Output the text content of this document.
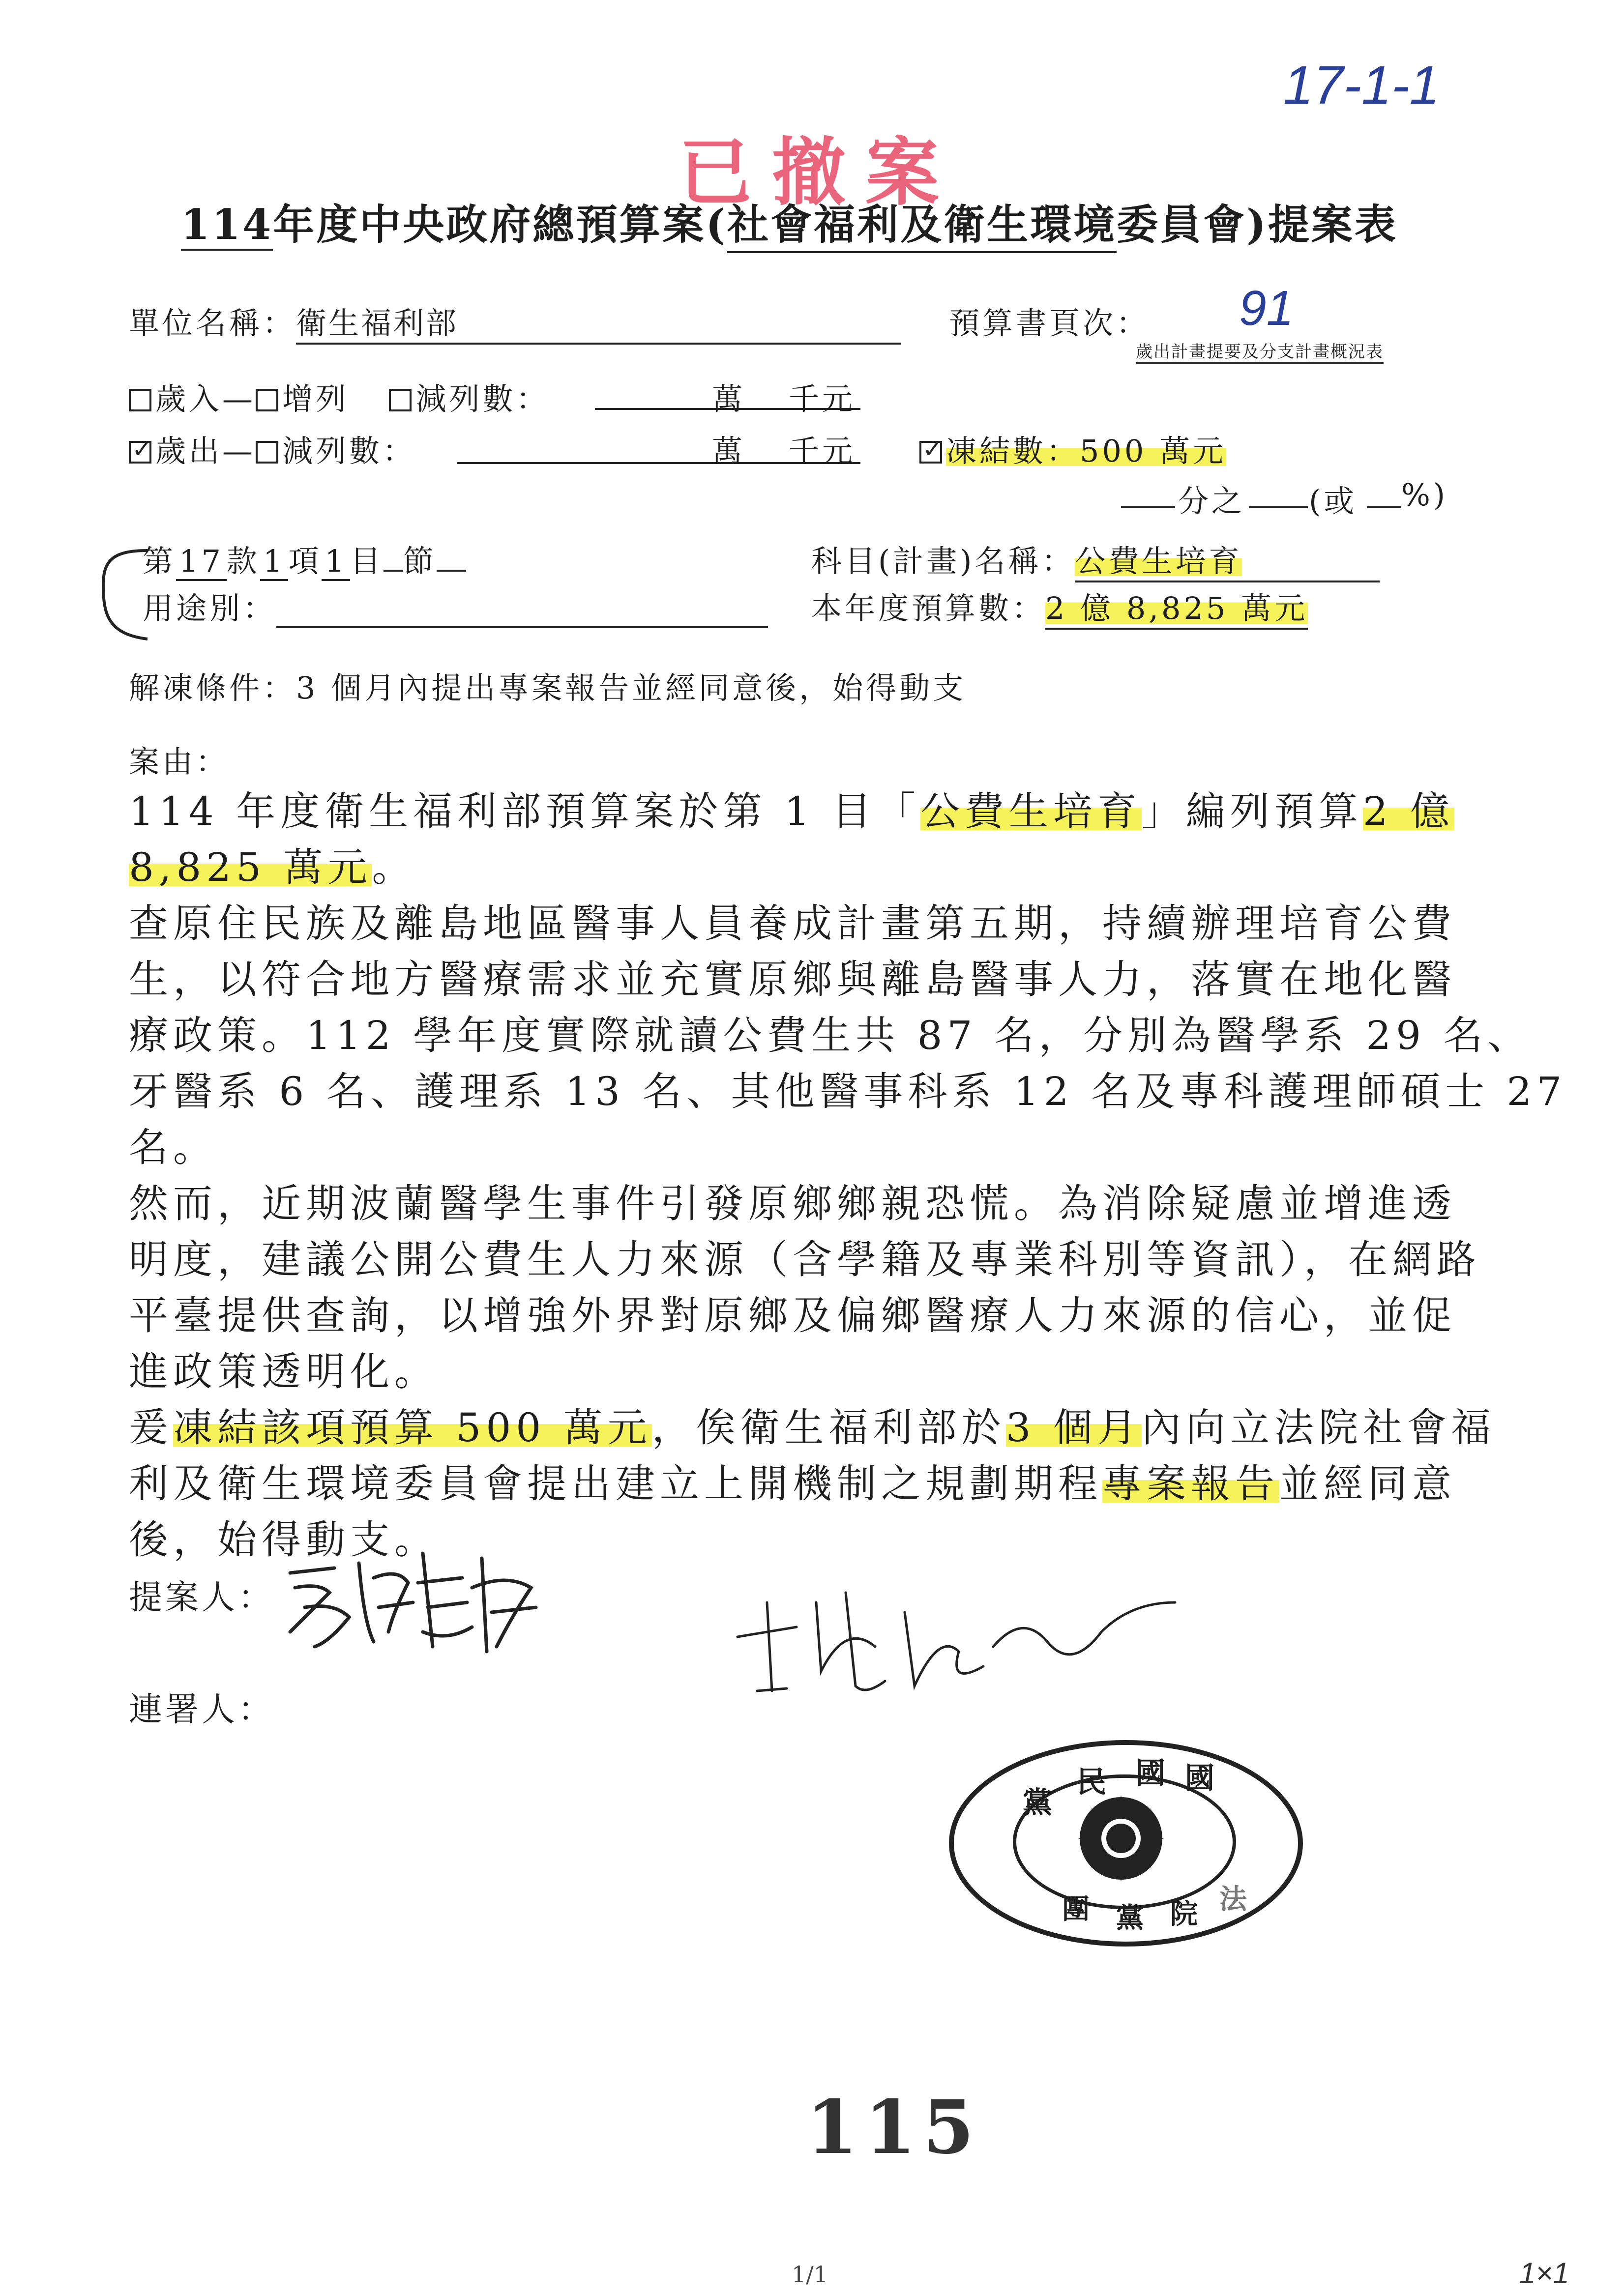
17-1-1
已撤案
114年度中央政府總預算案(社會福利及衛生環境委員會)提案表
單位名稱：衛生福利部	預算書頁次： 91
歲出計畫提要及分支計畫概況表
歲入— 增列 減列數：	萬 千元
✓歲出— 減列數：	萬 千元
✓	凍結數：500 萬元
分之 (或 %)
第17款1項1目 節	科目(計畫)名稱：公費生培育
用途別：	本年度預算數：2 億 8,825 萬元
解凍條件：3 個月內提出專案報告並經同意後，始得動支
案由：
114 年度衛生福利部預算案於第 1 目「公費生培育」編列預算2 億
8,825 萬元。
查原住民族及離島地區醫事人員養成計畫第五期，持續辦理培育公費
生，以符合地方醫療需求並充實原鄉與離島醫事人力，落實在地化醫
療政策。112 學年度實際就讀公費生共 87 名，分別為醫學系 29 名、
牙醫系 6 名、護理系 13 名、其他醫事科系 12 名及專科護理師碩士 27
名。
然而，近期波蘭醫學生事件引發原鄉鄉親恐慌。為消除疑慮並增進透
明度，建議公開公費生人力來源（含學籍及專業科別等資訊），在網路
平臺提供查詢，以增強外界對原鄉及偏鄉醫療人力來源的信心，並促
進政策透明化。
爰凍結該項預算 500 萬元，俟衛生福利部於3 個月內向立法院社會福
利及衛生環境委員會提出建立上開機制之規劃期程專案報告並經同意
後，始得動支。
提案人：
連署人：
國
民
黨
國
團 黨 院 法
115
1/1	1×1
